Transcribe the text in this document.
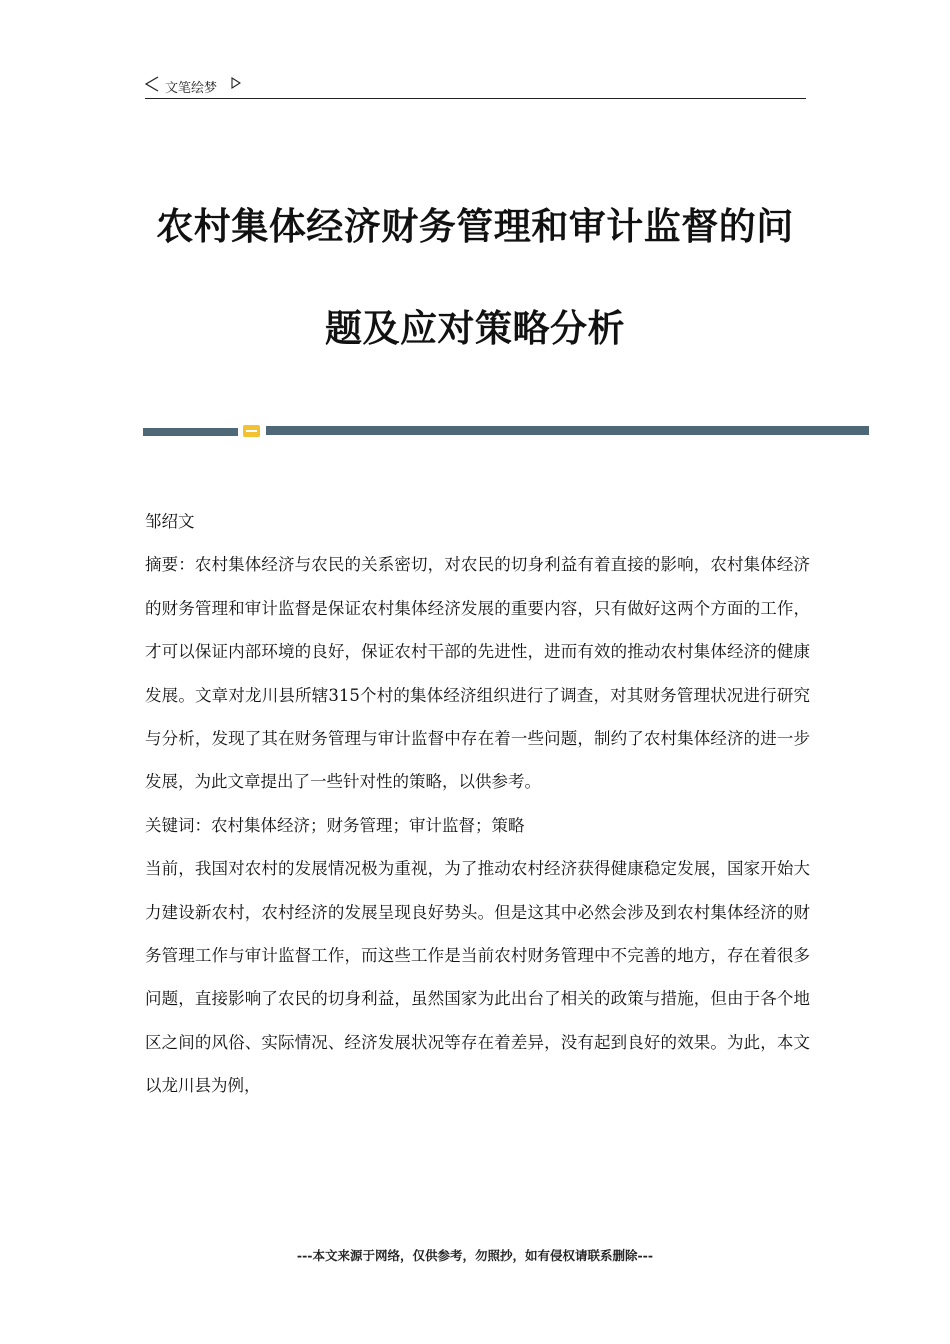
文笔绘梦
农村集体经济财务管理和审计监督的问
题及应对策略分析

邹绍文

摘要：农村集体经济与农民的关系密切，对农民的切身利益有着直接的影响，农村集体经济的财务管理和审计监督是保证农村集体经济发展的重要内容，只有做好这两个方面的工作，才可以保证内部环境的良好，保证农村干部的先进性，进而有效的推动农村集体经济的健康发展。文章对龙川县所辖315个村的集体经济组织进行了调查，对其财务管理状况进行研究与分析，发现了其在财务管理与审计监督中存在着一些问题，制约了农村集体经济的进一步发展，为此文章提出了一些针对性的策略，以供参考。

关键词：农村集体经济；财务管理；审计监督；策略

当前，我国对农村的发展情况极为重视，为了推动农村经济获得健康稳定发展，国家开始大力建设新农村，农村经济的发展呈现良好势头。但是这其中必然会涉及到农村集体经济的财务管理工作与审计监督工作，而这些工作是当前农村财务管理中不完善的地方，存在着很多问题，直接影响了农民的切身利益，虽然国家为此出台了相关的政策与措施，但由于各个地区之间的风俗、实际情况、经济发展状况等存在着差异，没有起到良好的效果。为此，本文以龙川县为例，

---本文来源于网络，仅供参考，勿照抄，如有侵权请联系删除---
